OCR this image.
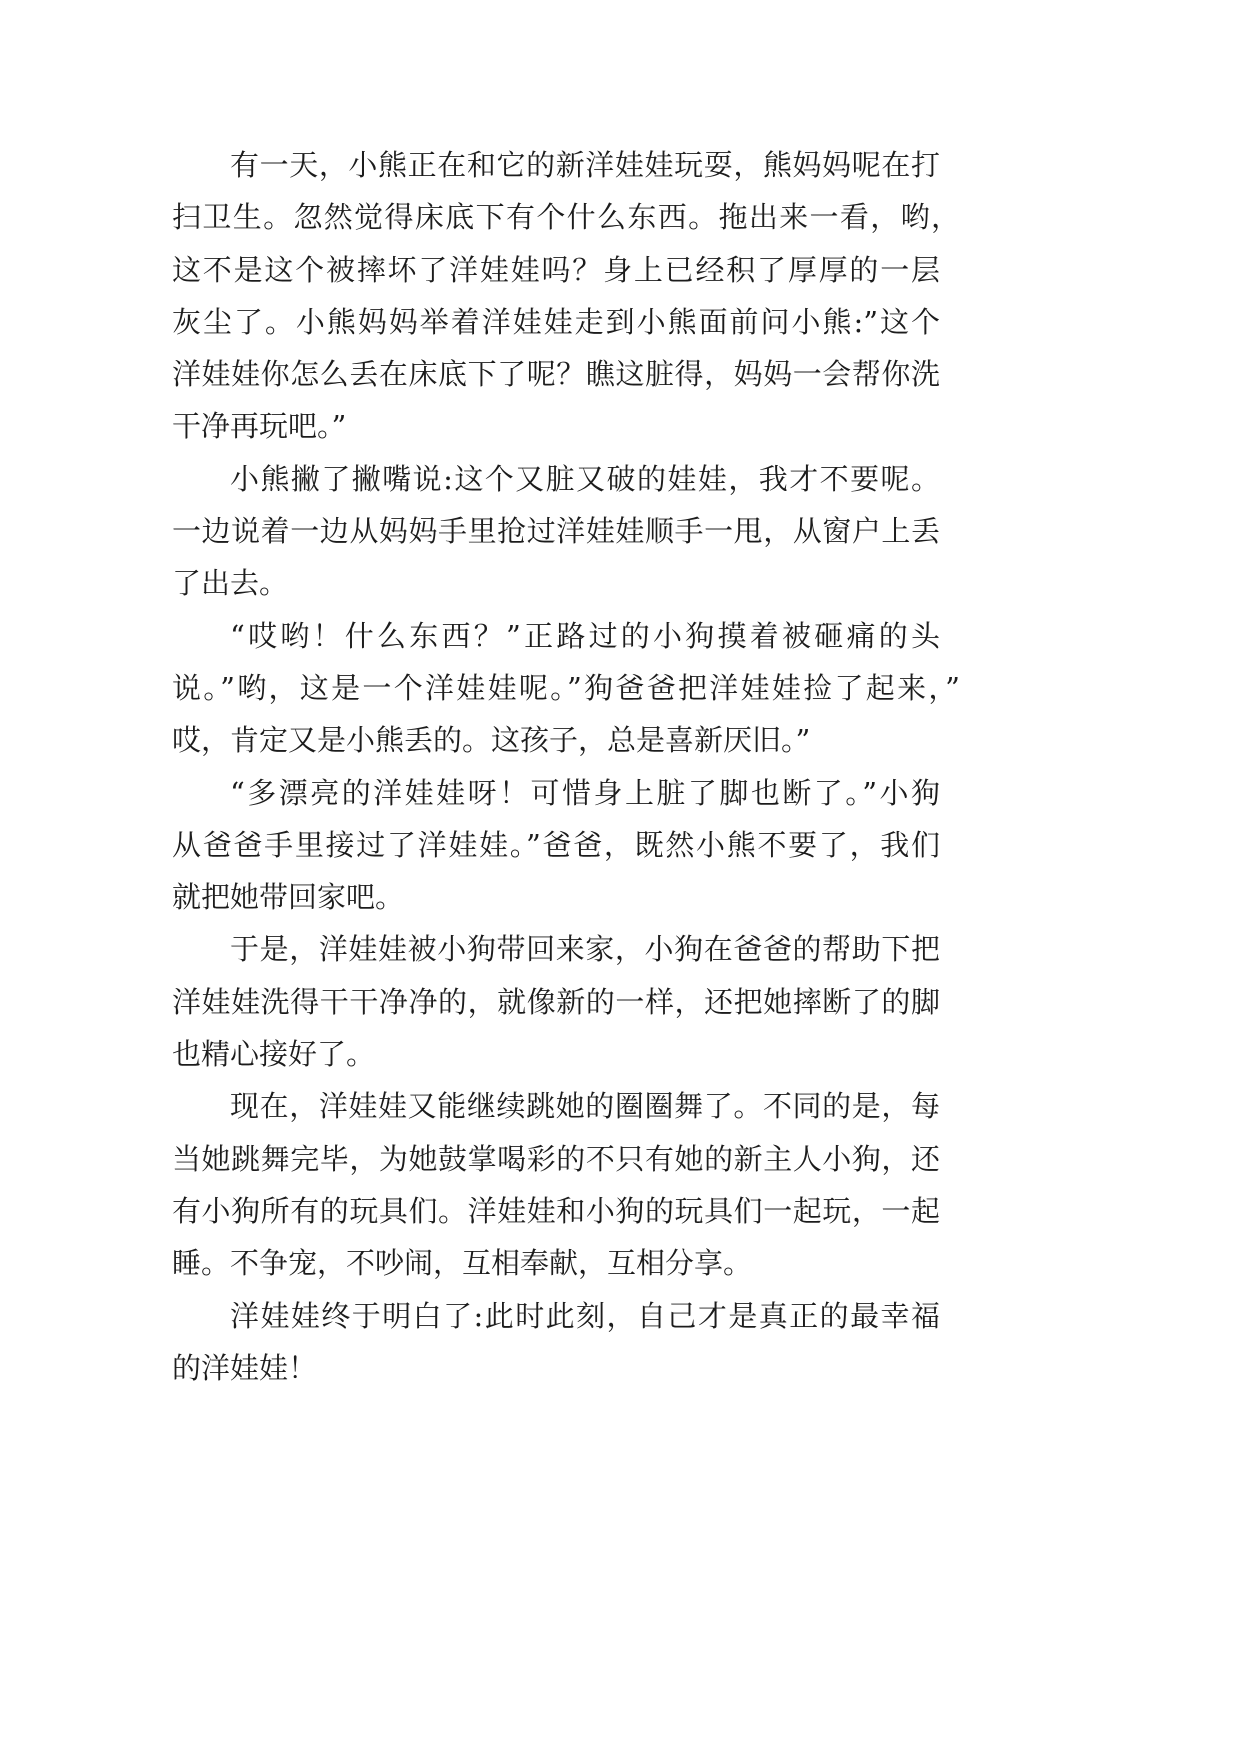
有一天，小熊正在和它的新洋娃娃玩耍，熊妈妈呢在打
扫卫生。忽然觉得床底下有个什么东西。拖出来一看，哟，
这不是这个被摔坏了洋娃娃吗？身上已经积了厚厚的一层
灰尘了。小熊妈妈举着洋娃娃走到小熊面前问小熊:”这个
洋娃娃你怎么丢在床底下了呢？瞧这脏得，妈妈一会帮你洗
干净再玩吧。”
小熊撇了撇嘴说:这个又脏又破的娃娃，我才不要呢。
一边说着一边从妈妈手里抢过洋娃娃顺手一甩，从窗户上丢
了出去。
“哎哟！什么东西？”正路过的小狗摸着被砸痛的头
说。”哟，这是一个洋娃娃呢。”狗爸爸把洋娃娃捡了起来，”
哎，肯定又是小熊丢的。这孩子，总是喜新厌旧。”
“多漂亮的洋娃娃呀！可惜身上脏了脚也断了。”小狗
从爸爸手里接过了洋娃娃。”爸爸，既然小熊不要了，我们
就把她带回家吧。
于是，洋娃娃被小狗带回来家，小狗在爸爸的帮助下把
洋娃娃洗得干干净净的，就像新的一样，还把她摔断了的脚
也精心接好了。
现在，洋娃娃又能继续跳她的圈圈舞了。不同的是，每
当她跳舞完毕，为她鼓掌喝彩的不只有她的新主人小狗，还
有小狗所有的玩具们。洋娃娃和小狗的玩具们一起玩，一起
睡。不争宠，不吵闹，互相奉献，互相分享。
洋娃娃终于明白了:此时此刻，自己才是真正的最幸福
的洋娃娃！
